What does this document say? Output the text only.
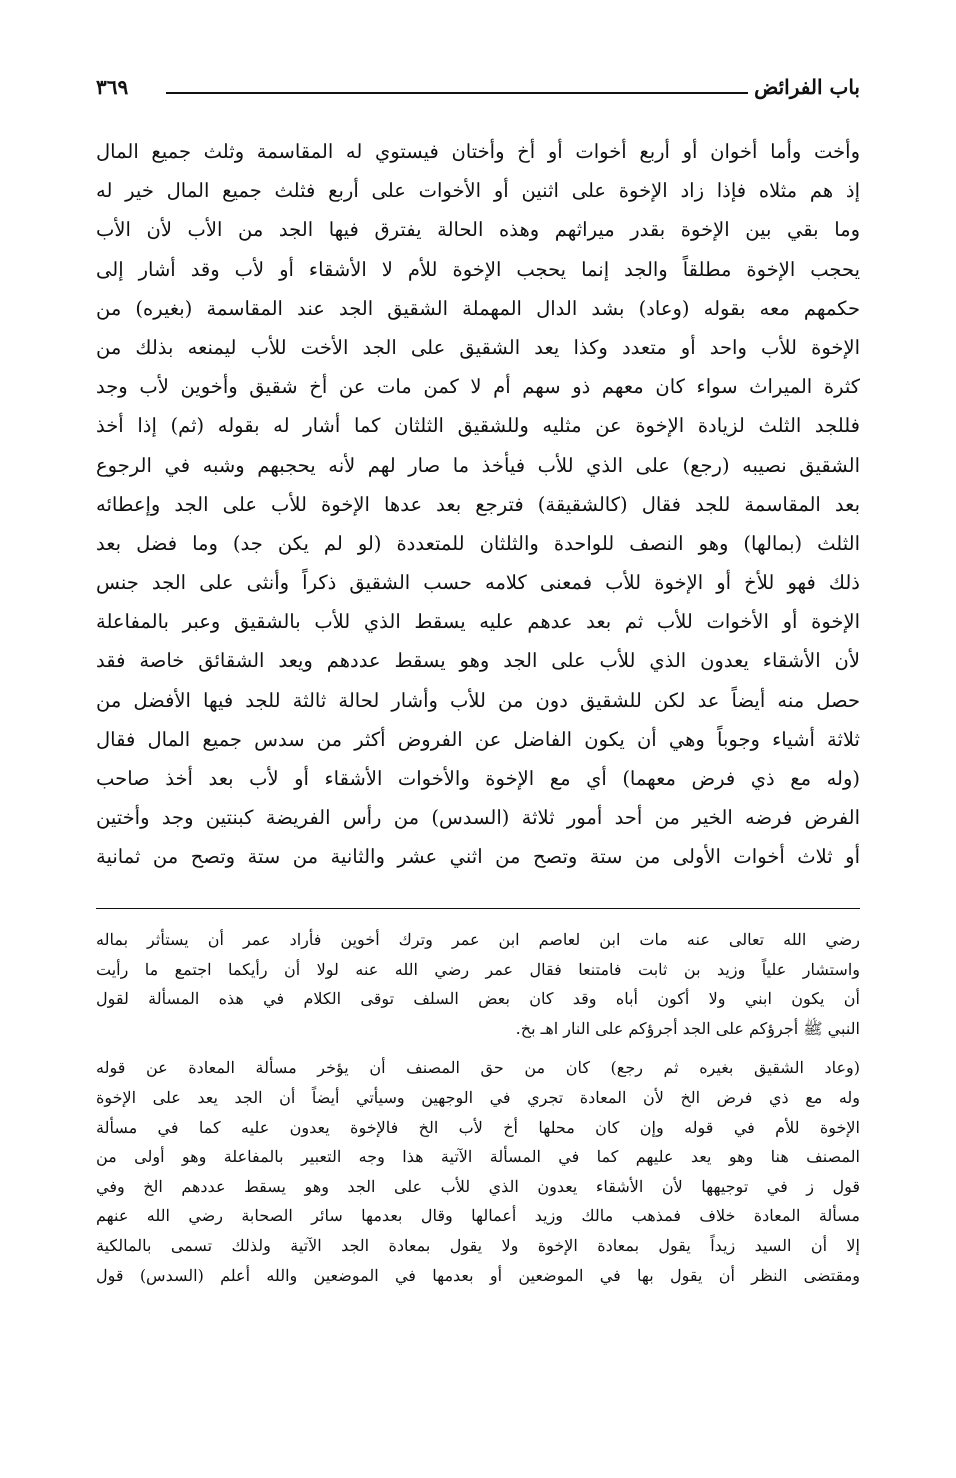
باب الفرائض
٣٦٩
وأخت وأما أخوان أو أربع أخوات أو أخ وأختان فيستوي له المقاسمة وثلث جميع المال
إذ هم مثلاه فإذا زاد الإخوة على اثنين أو الأخوات على أربع فثلث جميع المال خير له
وما بقي بين الإخوة بقدر ميراثهم وهذه الحالة يفترق فيها الجد من الأب لأن الأب
يحجب الإخوة مطلقاً والجد إنما يحجب الإخوة للأم لا الأشقاء أو لأب وقد أشار إلى
حكمهم معه بقوله (وعاد) بشد الدال المهملة الشقيق الجد عند المقاسمة (بغيره) من
الإخوة للأب واحد أو متعدد وكذا يعد الشقيق على الجد الأخت للأب ليمنعه بذلك من
كثرة الميراث سواء كان معهم ذو سهم أم لا كمن مات عن أخ شقيق وأخوين لأب وجد
فللجد الثلث لزيادة الإخوة عن مثليه وللشقيق الثلثان كما أشار له بقوله (ثم) إذا أخذ
الشقيق نصيبه (رجع) على الذي للأب فيأخذ ما صار لهم لأنه يحجبهم وشبه في الرجوع
بعد المقاسمة للجد فقال (كالشقيقة) فترجع بعد عدها الإخوة للأب على الجد وإعطائه
الثلث (بمالها) وهو النصف للواحدة والثلثان للمتعددة (لو لم يكن جد) وما فضل بعد
ذلك فهو للأخ أو الإخوة للأب فمعنى كلامه حسب الشقيق ذكراً وأنثى على الجد جنس
الإخوة أو الأخوات للأب ثم بعد عدهم عليه يسقط الذي للأب بالشقيق وعبر بالمفاعلة
لأن الأشقاء يعدون الذي للأب على الجد وهو يسقط عددهم ويعد الشقائق خاصة فقد
حصل منه أيضاً عد لكن للشقيق دون من للأب وأشار لحالة ثالثة للجد فيها الأفضل من
ثلاثة أشياء وجوباً وهي أن يكون الفاضل عن الفروض أكثر من سدس جميع المال فقال
(وله مع ذي فرض معهما) أي مع الإخوة والأخوات الأشقاء أو لأب بعد أخذ صاحب
الفرض فرضه الخير من أحد أمور ثلاثة (السدس) من رأس الفريضة كبنتين وجد وأختين
أو ثلاث أخوات الأولى من ستة وتصح من اثني عشر والثانية من ستة وتصح من ثمانية
رضي الله تعالى عنه مات ابن لعاصم ابن عمر وترك أخوين فأراد عمر أن يستأثر بماله
واستشار علياً وزيد بن ثابت فامتنعا فقال عمر رضي الله عنه لولا أن رأيكما اجتمع ما رأيت
أن يكون ابني ولا أكون أباه وقد كان بعض السلف توقى الكلام في هذه المسألة لقول
النبي ﷺ أجرؤكم على الجد أجرؤكم على النار اهـ بخ.
(وعاد الشقيق بغيره ثم رجع) كان من حق المصنف أن يؤخر مسألة المعادة عن قوله
وله مع ذي فرض الخ لأن المعادة تجري في الوجهين وسيأتي أيضاً أن الجد يعد على الإخوة
الإخوة للأم في قوله وإن كان محلها أخ لأب الخ فالإخوة يعدون عليه كما في مسألة
المصنف هنا وهو يعد عليهم كما في المسألة الآتية هذا وجه التعبير بالمفاعلة وهو أولى من
قول ز في توجيهها لأن الأشقاء يعدون الذي للأب على الجد وهو يسقط عددهم الخ وفي
مسألة المعادة خلاف فمذهب مالك وزيد أعمالها وقال بعدمها سائر الصحابة رضي الله عنهم
إلا أن السيد زيداً يقول بمعادة الإخوة ولا يقول بمعادة الجد الآتية ولذلك تسمى بالمالكية
ومقتضى النظر أن يقول بها في الموضعين أو بعدمها في الموضعين والله أعلم (السدس) قول
